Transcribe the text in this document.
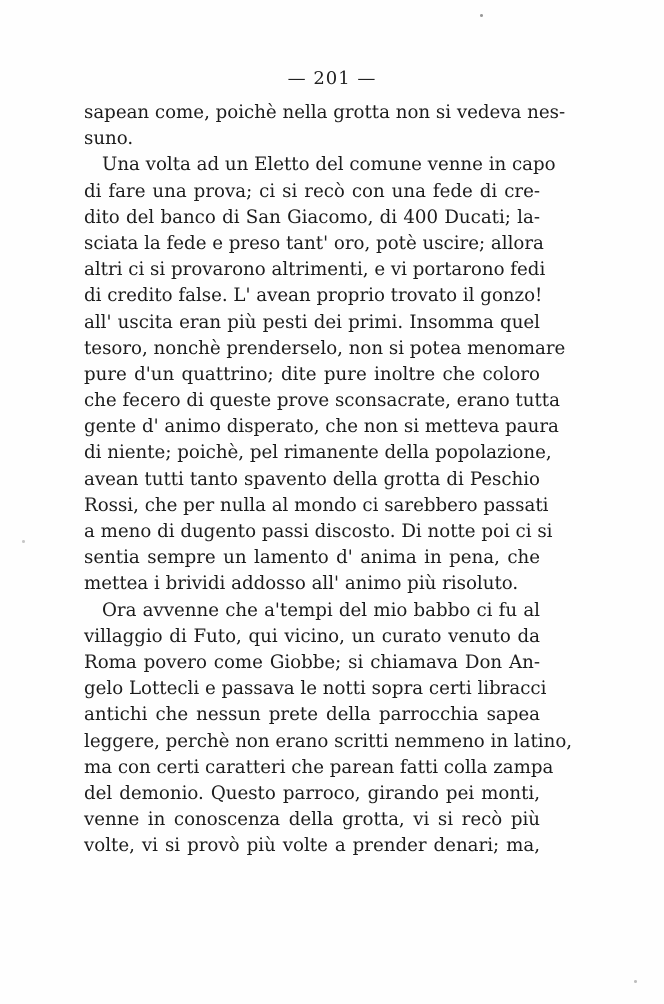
— 201 —
sapean come, poichè nella grotta non si vedeva nes-
suno.
Una volta ad un Eletto del comune venne in capo
di fare una prova; ci si recò con una fede di cre-
dito del banco di San Giacomo, di 400 Ducati; la-
sciata la fede e preso tant' oro, potè uscire; allora
altri ci si provarono altrimenti, e vi portarono fedi
di credito false. L' avean proprio trovato il gonzo!
all' uscita eran più pesti dei primi. Insomma quel
tesoro, nonchè prenderselo, non si potea menomare
pure d'un quattrino; dite pure inoltre che coloro
che fecero di queste prove sconsacrate, erano tutta
gente d' animo disperato, che non si metteva paura
di niente; poichè, pel rimanente della popolazione,
avean tutti tanto spavento della grotta di Peschio
Rossi, che per nulla al mondo ci sarebbero passati
a meno di dugento passi discosto. Di notte poi ci si
sentia sempre un lamento d' anima in pena, che
mettea i brividi addosso all' animo più risoluto.
Ora avvenne che a'tempi del mio babbo ci fu al
villaggio di Futo, qui vicino, un curato venuto da
Roma povero come Giobbe; si chiamava Don An-
gelo Lottecli e passava le notti sopra certi libracci
antichi che nessun prete della parrocchia sapea
leggere, perchè non erano scritti nemmeno in latino,
ma con certi caratteri che parean fatti colla zampa
del demonio. Questo parroco, girando pei monti,
venne in conoscenza della grotta, vi si recò più
volte, vi si provò più volte a prender denari; ma,
